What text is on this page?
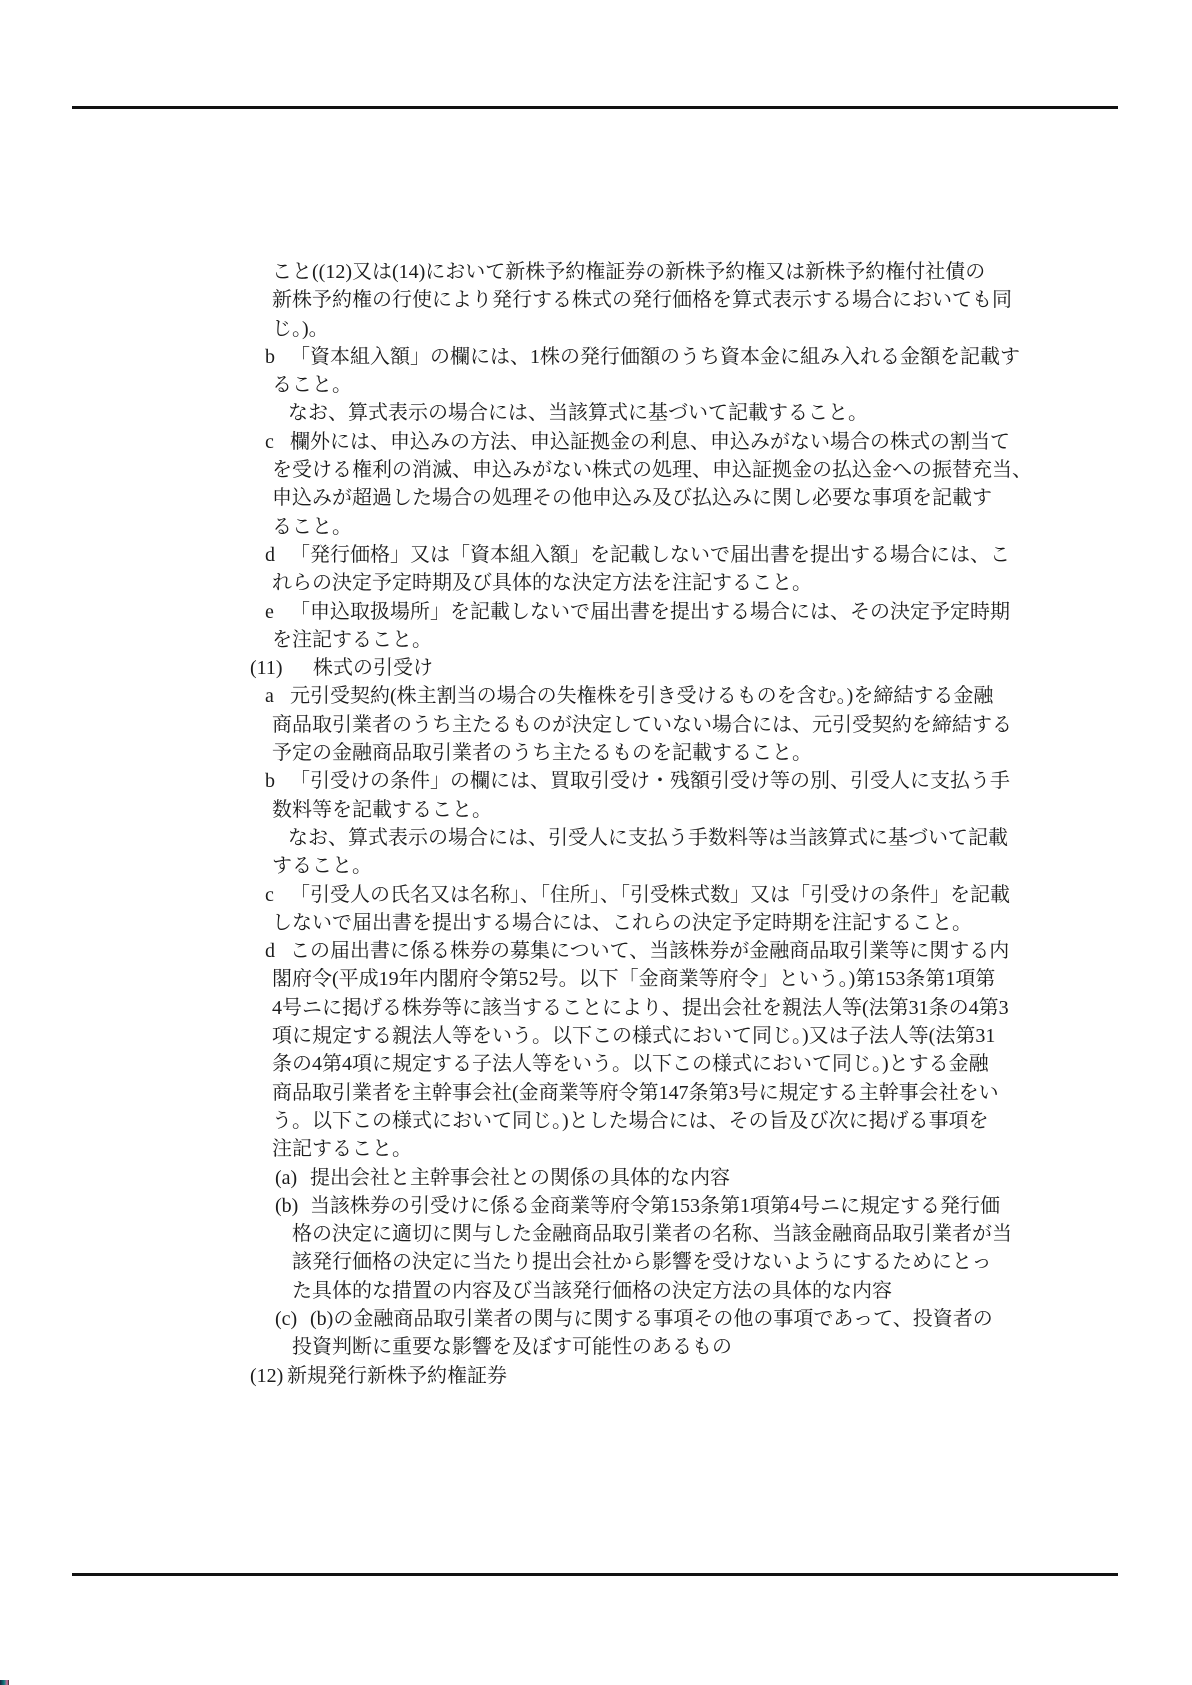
こと((12)又は(14)において新株予約権証券の新株予約権又は新株予約権付社債の
新株予約権の行使により発行する株式の発行価格を算式表示する場合においても同
じ。)。
b 「資本組入額」の欄には、1株の発行価額のうち資本金に組み入れる金額を記載す
ること。
なお、算式表示の場合には、当該算式に基づいて記載すること。
c 欄外には、申込みの方法、申込証拠金の利息、申込みがない場合の株式の割当て
を受ける権利の消滅、申込みがない株式の処理、申込証拠金の払込金への振替充当、
申込みが超過した場合の処理その他申込み及び払込みに関し必要な事項を記載す
ること。
d 「発行価格」又は「資本組入額」を記載しないで届出書を提出する場合には、こ
れらの決定予定時期及び具体的な決定方法を注記すること。
e 「申込取扱場所」を記載しないで届出書を提出する場合には、その決定予定時期
を注記すること。
(11)	株式の引受け
a 元引受契約(株主割当の場合の失権株を引き受けるものを含む。)を締結する金融
商品取引業者のうち主たるものが決定していない場合には、元引受契約を締結する
予定の金融商品取引業者のうち主たるものを記載すること。
b 「引受けの条件」の欄には、買取引受け・残額引受け等の別、引受人に支払う手
数料等を記載すること。
なお、算式表示の場合には、引受人に支払う手数料等は当該算式に基づいて記載
すること。
c 「引受人の氏名又は名称」、「住所」、「引受株式数」又は「引受けの条件」を記載
しないで届出書を提出する場合には、これらの決定予定時期を注記すること。
d この届出書に係る株券の募集について、当該株券が金融商品取引業等に関する内
閣府令(平成19年内閣府令第52号。以下「金商業等府令」という。)第153条第1項第
4号ニに掲げる株券等に該当することにより、提出会社を親法人等(法第31条の4第3
項に規定する親法人等をいう。以下この様式において同じ。)又は子法人等(法第31
条の4第4項に規定する子法人等をいう。以下この様式において同じ。)とする金融
商品取引業者を主幹事会社(金商業等府令第147条第3号に規定する主幹事会社をい
う。以下この様式において同じ。)とした場合には、その旨及び次に掲げる事項を
注記すること。
(a) 提出会社と主幹事会社との関係の具体的な内容
(b) 当該株券の引受けに係る金商業等府令第153条第1項第4号ニに規定する発行価
格の決定に適切に関与した金融商品取引業者の名称、当該金融商品取引業者が当
該発行価格の決定に当たり提出会社から影響を受けないようにするためにとっ
た具体的な措置の内容及び当該発行価格の決定方法の具体的な内容
(c) (b)の金融商品取引業者の関与に関する事項その他の事項であって、投資者の
投資判断に重要な影響を及ぼす可能性のあるもの
(12) 新規発行新株予約権証券
